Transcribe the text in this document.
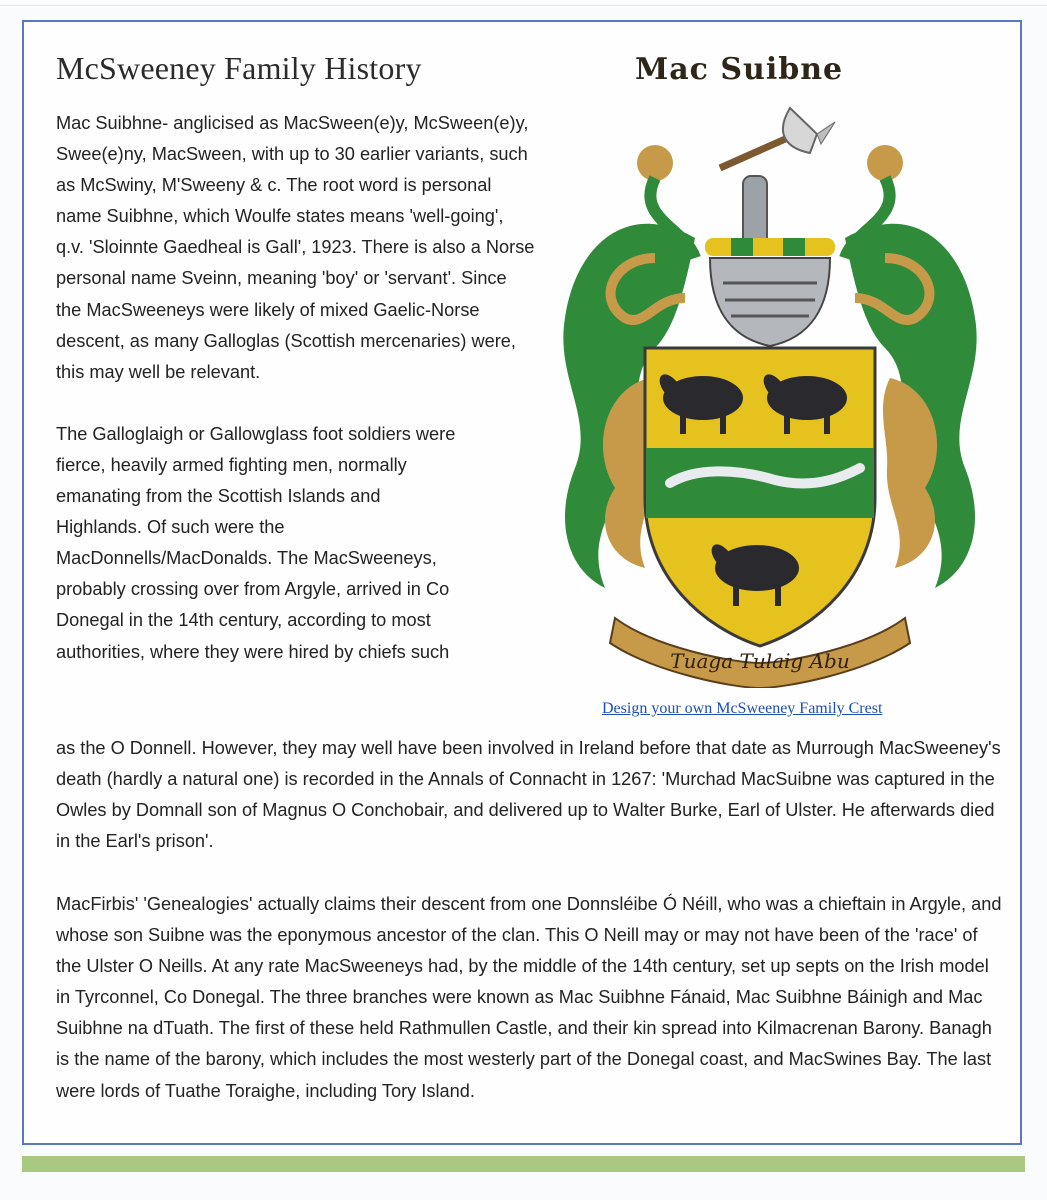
McSweeney Family History

Mac Suibhne- anglicised as MacSween(e)y, McSween(e)y, Swee(e)ny, MacSween, with up to 30 earlier variants, such as McSwiny, M'Sweeny & c. The root word is personal name Suibhne, which Woulfe states means 'well-going', q.v. 'Sloinnte Gaedheal is Gall', 1923. There is also a Norse personal name Sveinn, meaning 'boy' or 'servant'. Since the MacSweeneys were likely of mixed Gaelic-Norse descent, as many Galloglas (Scottish mercenaries) were, this may well be relevant.

The Galloglaigh or Gallowglass foot soldiers were
fierce, heavily armed fighting men, normally
emanating from the Scottish Islands and
Highlands. Of such were the
MacDonnells/MacDonalds. The MacSweeneys,
probably crossing over from Argyle, arrived in Co
Donegal in the 14th century, according to most
authorities, where they were hired by chiefs such

as the O Donnell. However, they may well have been involved in Ireland before that date as Murrough MacSweeney's death (hardly a natural one) is recorded in the Annals of Connacht in 1267: 'Murchad MacSuibne was captured in the Owles by Domnall son of Magnus O Conchobair, and delivered up to Walter Burke, Earl of Ulster. He afterwards died in the Earl's prison'.
MacFirbis' 'Genealogies' actually claims their descent from one Donnsléibe Ó Néill, who was a chieftain in Argyle, and whose son Suibne was the eponymous ancestor of the clan. This O Neill may or may not have been of the 'race' of the Ulster O Neills. At any rate MacSweeneys had, by the middle of the 14th century, set up septs on the Irish model in Tyrconnel, Co Donegal. The three branches were known as Mac Suibhne Fánaid, Mac Suibhne Báinigh and Mac Suibhne na dTuath. The first of these held Rathmullen Castle, and their kin spread into Kilmacrenan Barony. Banagh is the name of the barony, which includes the most westerly part of the Donegal coast, and MacSwines Bay. The last were lords of Tuathe Toraighe, including Tory Island.
Mac Suibne
Tuaga Tulaig Abu
Design your own McSweeney Family Crest
